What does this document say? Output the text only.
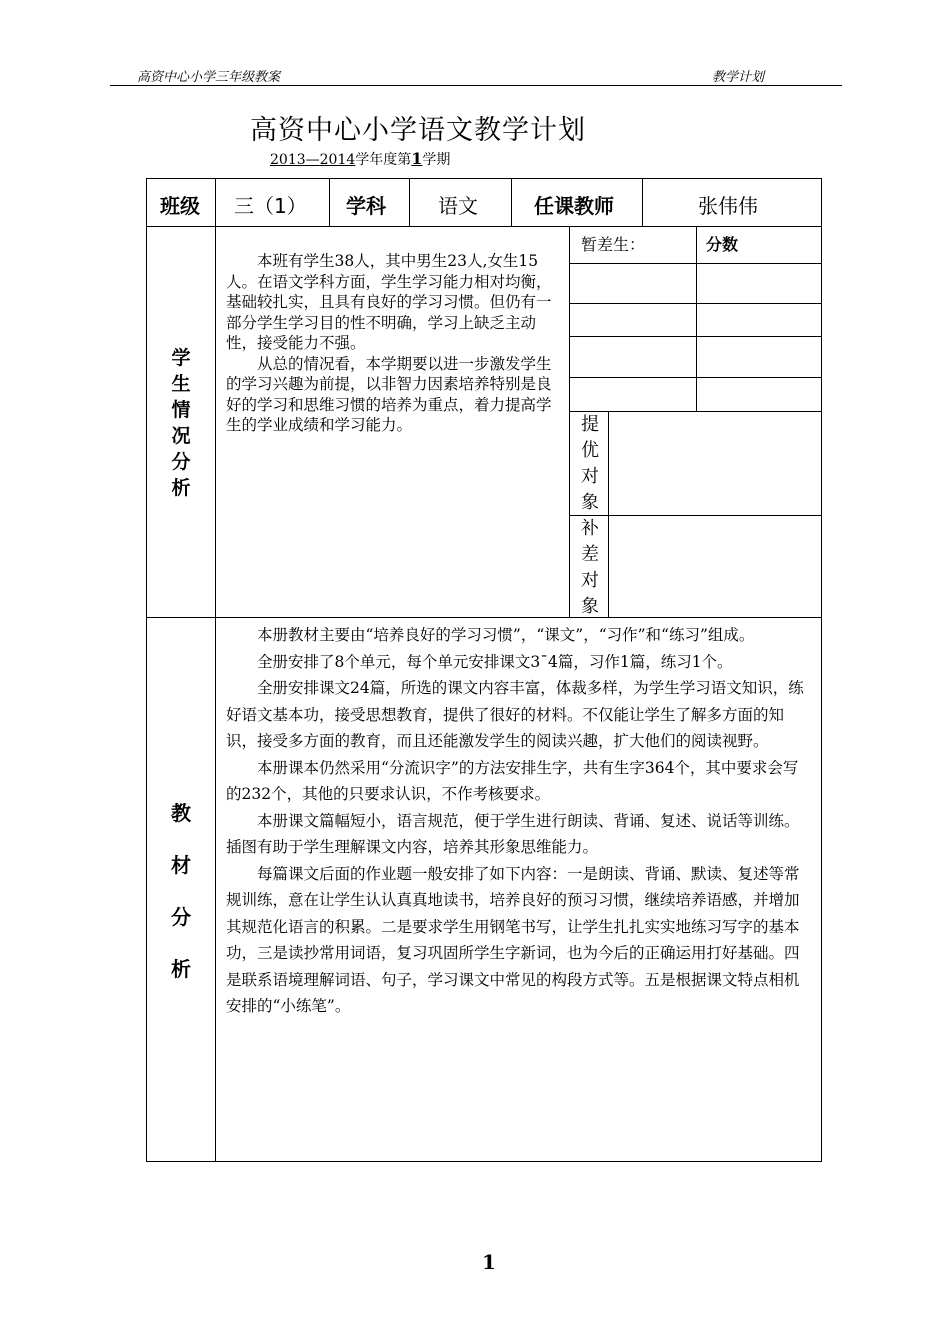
高资中心小学三年级教案	教学计划
高资中心小学语文教学计划
2013—2014学年度第1学期
班级 三（1） 学科	语文	任课教师	张伟伟
学
生
情
况
分
析

本班有学生38人，其中男生23人,女生15人。在语文学科方面，学生学习能力相对均衡，基础较扎实，且具有良好的学习习惯。但仍有一部分学生学习目的性不明确，学习上缺乏主动性，接受能力不强。

从总的情况看，本学期要以进一步激发学生的学习兴趣为前提，以非智力因素培养特别是良好的学习和思维习惯的培养为重点，着力提高学生的学业成绩和学习能力。

暂差生：	分数
提
优
对
象
补
差
对
象
教
材
分
析

本册教材主要由“培养良好的学习习惯”，“课文”，“习作”和“练习”组成。

全册安排了8个单元，每个单元安排课文3¯4篇，习作1篇，练习1个。

全册安排课文24篇，所选的课文内容丰富，体裁多样，为学生学习语文知识，练好语文基本功，接受思想教育，提供了很好的材料。不仅能让学生了解多方面的知识，接受多方面的教育，而且还能激发学生的阅读兴趣，扩大他们的阅读视野。

本册课本仍然采用“分流识字”的方法安排生字，共有生字364个，其中要求会写的232个，其他的只要求认识，不作考核要求。

本册课文篇幅短小，语言规范，便于学生进行朗读、背诵、复述、说话等训练。插图有助于学生理解课文内容，培养其形象思维能力。

每篇课文后面的作业题一般安排了如下内容：一是朗读、背诵、默读、复述等常规训练，意在让学生认认真真地读书，培养良好的预习习惯，继续培养语感，并增加其规范化语言的积累。二是要求学生用钢笔书写，让学生扎扎实实地练习写字的基本功，三是读抄常用词语，复习巩固所学生字新词，也为今后的正确运用打好基础。四是联系语境理解词语、句子，学习课文中常见的构段方式等。五是根据课文特点相机安排的“小练笔”。

1
